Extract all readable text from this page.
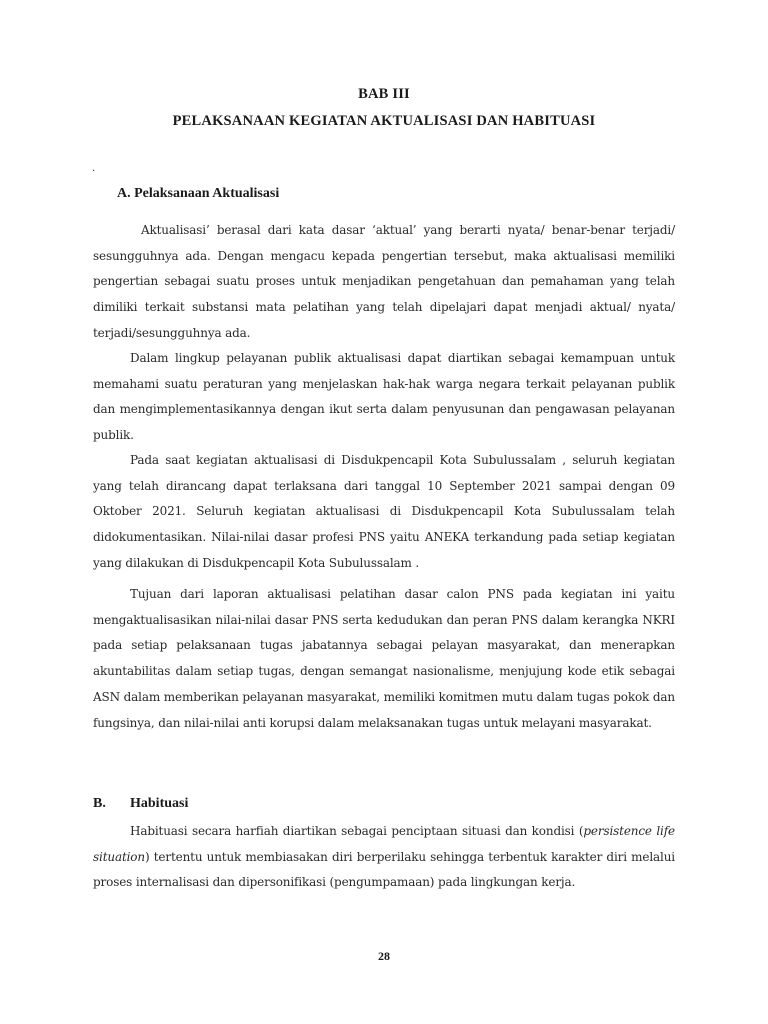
BAB III
PELAKSANAAN KEGIATAN AKTUALISASI DAN HABITUASI
.
A. Pelaksanaan Aktualisasi

Aktualisasi’ berasal dari kata dasar ‘aktual’ yang berarti nyata/ benar-benar terjadi/ sesungguhnya ada. Dengan mengacu kepada pengertian tersebut, maka aktualisasi memiliki pengertian sebagai suatu proses untuk menjadikan pengetahuan dan pemahaman yang telah dimiliki terkait substansi mata pelatihan yang telah dipelajari dapat menjadi aktual/ nyata/ terjadi/sesungguhnya ada.

Dalam lingkup pelayanan publik aktualisasi dapat diartikan sebagai kemampuan untuk memahami suatu peraturan yang menjelaskan hak-hak warga negara terkait pelayanan publik dan mengimplementasikannya dengan ikut serta dalam penyusunan dan pengawasan pelayanan publik.

Pada saat kegiatan aktualisasi di Disdukpencapil Kota Subulussalam , seluruh kegiatan yang telah dirancang dapat terlaksana dari tanggal 10 September 2021 sampai dengan 09 Oktober 2021. Seluruh kegiatan aktualisasi di Disdukpencapil Kota Subulussalam telah didokumentasikan. Nilai-nilai dasar profesi PNS yaitu ANEKA terkandung pada setiap kegiatan yang dilakukan di Disdukpencapil Kota Subulussalam .

Tujuan dari laporan aktualisasi pelatihan dasar calon PNS pada kegiatan ini yaitu mengaktualisasikan nilai-nilai dasar PNS serta kedudukan dan peran PNS dalam kerangka NKRI pada setiap pelaksanaan tugas jabatannya sebagai pelayan masyarakat, dan menerapkan akuntabilitas dalam setiap tugas, dengan semangat nasionalisme, menjujung kode etik sebagai ASN dalam memberikan pelayanan masyarakat, memiliki komitmen mutu dalam tugas pokok dan fungsinya, dan nilai-nilai anti korupsi dalam melaksanakan tugas untuk melayani masyarakat.

B. Habituasi

Habituasi secara harfiah diartikan sebagai penciptaan situasi dan kondisi (persistence life situation) tertentu untuk membiasakan diri berperilaku sehingga terbentuk karakter diri melalui proses internalisasi dan dipersonifikasi (pengumpamaan) pada lingkungan kerja.

28
